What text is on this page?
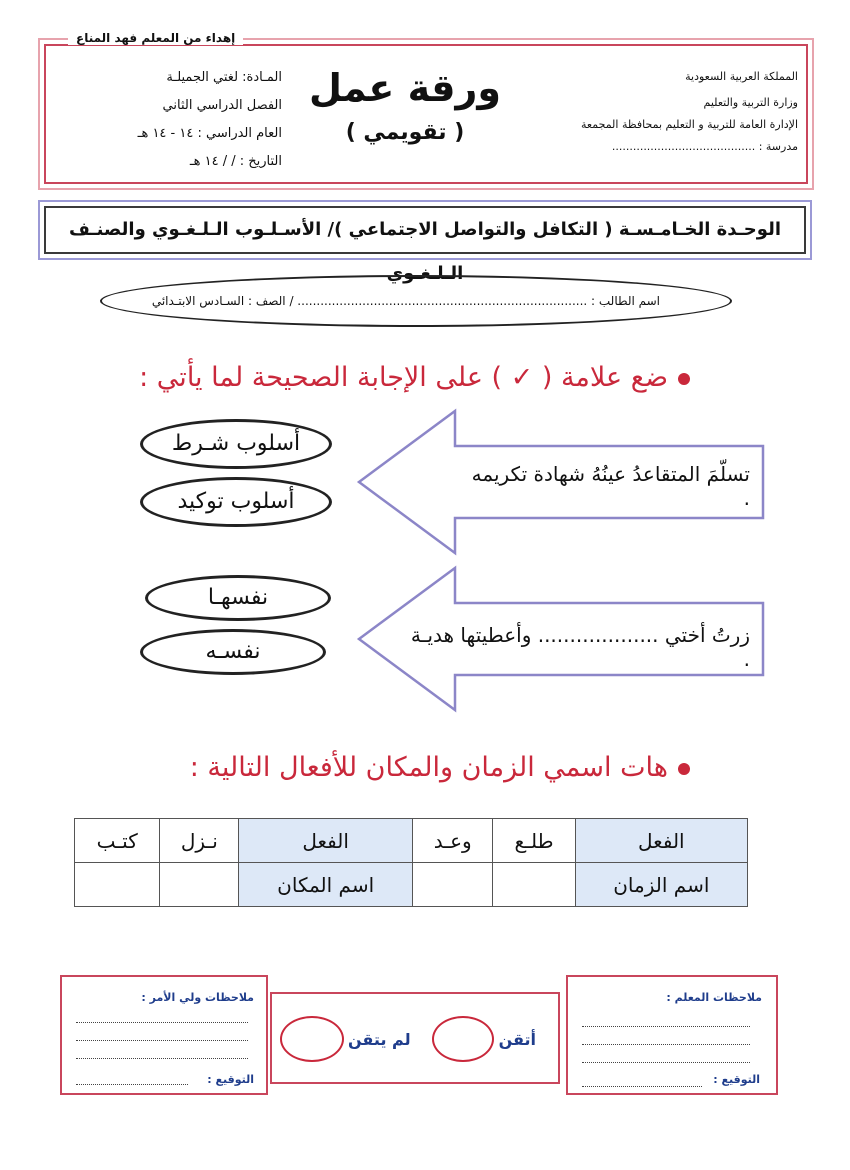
إهداء من المعلم فهد المناع
المملكة العربية السعودية
وزارة التربية والتعليم
الإدارة العامة للتربية و التعليم بمحافظة المجمعة
مدرسة : .........................................
ورقة عمل
( تقويمي )
المـادة: لغتي الجميلـة
الفصل الدراسي الثاني
العام الدراسي : ١٤ - ١٤ هـ
التاريخ : / / ١٤ هـ
الوحـدة الخـامـسـة ( التكافل والتواصل الاجتماعي )/ الأسـلـوب الـلـغـوي والصنـف الـلـغـوي
اسم الطالب : ............................................................................ / الصف : السـادس الابتـدائي
ضع علامة ( ✓ ) على الإجابة الصحيحة لما يأتي :
تسلّمَ المتقاعدُ عينُهُ شهادة تكريمه .
أسلوب شـرط
أسلوب توكيد
زرتُ أختي ................... وأعطيتها هديـة .
نفسهـا
نفسـه
هات اسمي الزمان والمكان للأفعال التالية :
الفعل	طلـع	وعـد	الفعل	نـزل	كتـب
اسم الزمان			اسم المكان		
ملاحظات المعلم :
التوقيع :
أتقن
لم يتقن
ملاحظات ولي الأمر :
التوقيع :
